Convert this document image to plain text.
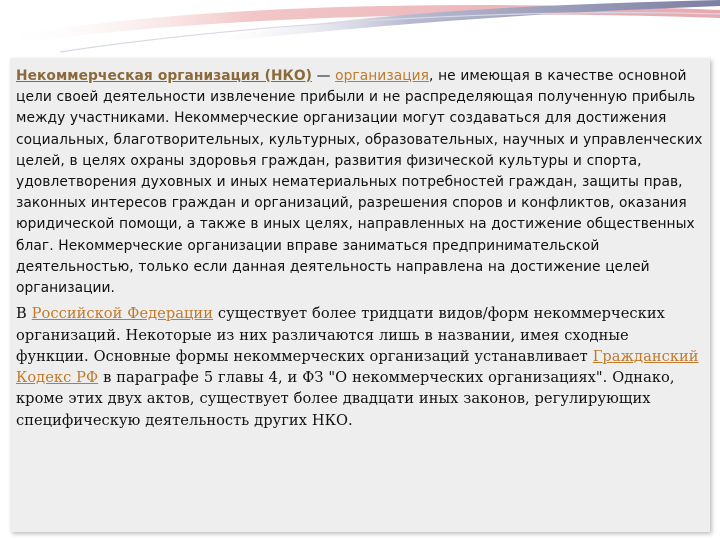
Некоммерческая организация (НКО) — организация, не имеющая в качестве основной цели своей деятельности извлечение прибыли и не распределяющая полученную прибыль между участниками. Некоммерческие организации могут создаваться для достижения социальных, благотворительных, культурных, образовательных, научных и управленческих целей, в целях охраны здоровья граждан, развития физической культуры и спорта, удовлетворения духовных и иных нематериальных потребностей граждан, защиты прав, законных интересов граждан и организаций, разрешения споров и конфликтов, оказания юридической помощи, а также в иных целях, направленных на достижение общественных благ. Некоммерческие организации вправе заниматься предпринимательской деятельностью, только если данная деятельность направлена на достижение целей организации.

В Российской Федерации существует более тридцати видов/форм некоммерческих организаций. Некоторые из них различаются лишь в названии, имея сходные функции. Основные формы некоммерческих организаций устанавливает Гражданский Кодекс РФ в параграфе 5 главы 4, и ФЗ "О некоммерческих организациях". Однако, кроме этих двух актов, существует более двадцати иных законов, регулирующих специфическую деятельность других НКО.
